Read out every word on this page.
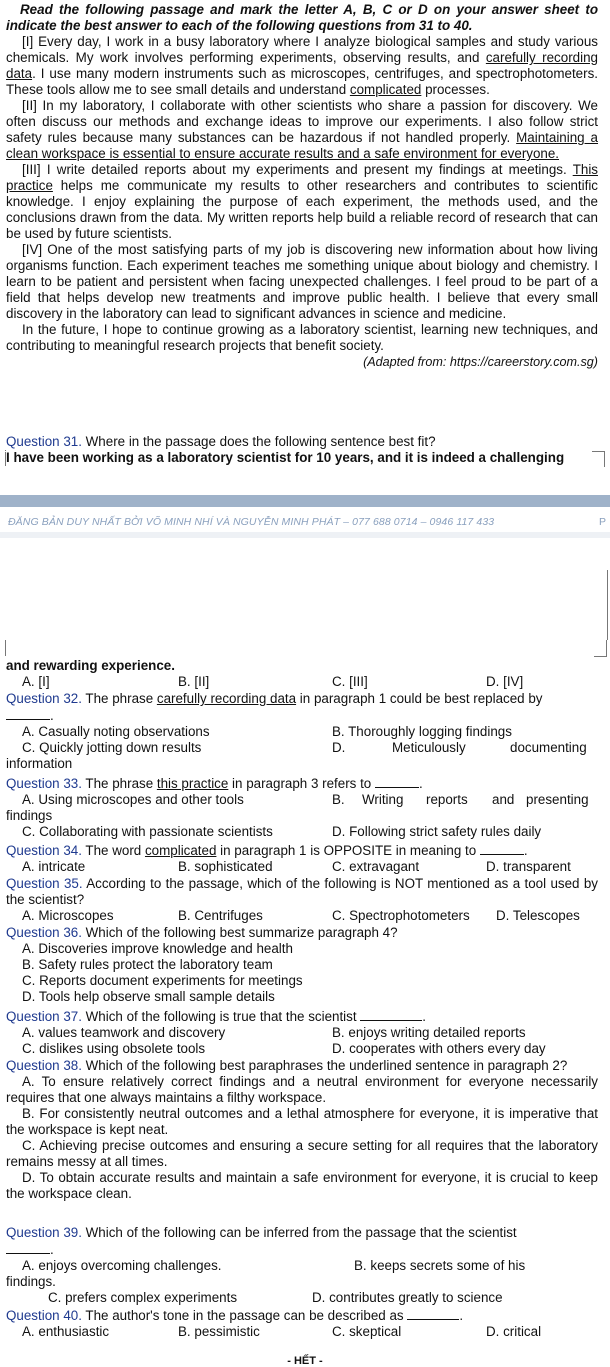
Read the following passage and mark the letter A, B, C or D on your answer sheet to indicate the best answer to each of the following questions from 31 to 40.

[I] Every day, I work in a busy laboratory where I analyze biological samples and study various chemicals. My work involves performing experiments, observing results, and carefully recording data. I use many modern instruments such as microscopes, centrifuges, and spectrophotometers. These tools allow me to see small details and understand complicated processes.

[II] In my laboratory, I collaborate with other scientists who share a passion for discovery. We often discuss our methods and exchange ideas to improve our experiments. I also follow strict safety rules because many substances can be hazardous if not handled properly. Maintaining a clean workspace is essential to ensure accurate results and a safe environment for everyone.

[III] I write detailed reports about my experiments and present my findings at meetings. This practice helps me communicate my results to other researchers and contributes to scientific knowledge. I enjoy explaining the purpose of each experiment, the methods used, and the conclusions drawn from the data. My written reports help build a reliable record of research that can be used by future scientists.

[IV] One of the most satisfying parts of my job is discovering new information about how living organisms function. Each experiment teaches me something unique about biology and chemistry. I learn to be patient and persistent when facing unexpected challenges. I feel proud to be part of a field that helps develop new treatments and improve public health. I believe that every small discovery in the laboratory can lead to significant advances in science and medicine.

In the future, I hope to continue growing as a laboratory scientist, learning new techniques, and contributing to meaningful research projects that benefit society.

(Adapted from: https://careerstory.com.sg)

Question 31. Where in the passage does the following sentence best fit?

I have been working as a laboratory scientist for 10 years, and it is indeed a challenging

ĐĂNG BẢN DUY NHẤT BỞI VÕ MINH NHÍ VÀ NGUYỄN MINH PHÁT – 077 688 0714 – 0946 117 433	P

and rewarding experience.

A. [I]	B. [II]	C. [III]	D. [IV]

Question 32. The phrase carefully recording data in paragraph 1 could be best replaced by

.

A. Casually noting observations	B. Thoroughly logging findings
C. Quickly jotting down results	D.	Meticulously	documenting

information

Question 33. The phrase this practice in paragraph 3 refers to	.

A. Using microscopes and other tools	B. Writing reports and presenting

findings

C. Collaborating with passionate scientists	D. Following strict safety rules daily

Question 34. The word complicated in paragraph 1 is OPPOSITE in meaning to	.

A. intricate	B. sophisticated	C. extravagant	D. transparent

Question 35. According to the passage, which of the following is NOT mentioned as a tool used by the scientist?

A. Microscopes	B. Centrifuges	C. Spectrophotometers D. Telescopes

Question 36. Which of the following best summarize paragraph 4?

A. Discoveries improve knowledge and health

B. Safety rules protect the laboratory team

C. Reports document experiments for meetings

D. Tools help observe small sample details

Question 37. Which of the following is true that the scientist	.

A. values teamwork and discovery	B. enjoys writing detailed reports
C. dislikes using obsolete tools	D. cooperates with others every day

Question 38. Which of the following best paraphrases the underlined sentence in paragraph 2?

A. To ensure relatively correct findings and a neutral environment for everyone necessarily requires that one always maintains a filthy workspace.

B. For consistently neutral outcomes and a lethal atmosphere for everyone, it is imperative that the workspace is kept neat.

C. Achieving precise outcomes and ensuring a secure setting for all requires that the laboratory remains messy at all times.

D. To obtain accurate results and maintain a safe environment for everyone, it is crucial to keep the workspace clean.

Question 39. Which of the following can be inferred from the passage that the scientist

.

A. enjoys overcoming challenges.	B. keeps secrets some of his

findings.

C. prefers complex experiments	D. contributes greatly to science

Question 40. The author's tone in the passage can be described as	.

A. enthusiastic	B. pessimistic	C. skeptical	D. critical
- HẾT -
